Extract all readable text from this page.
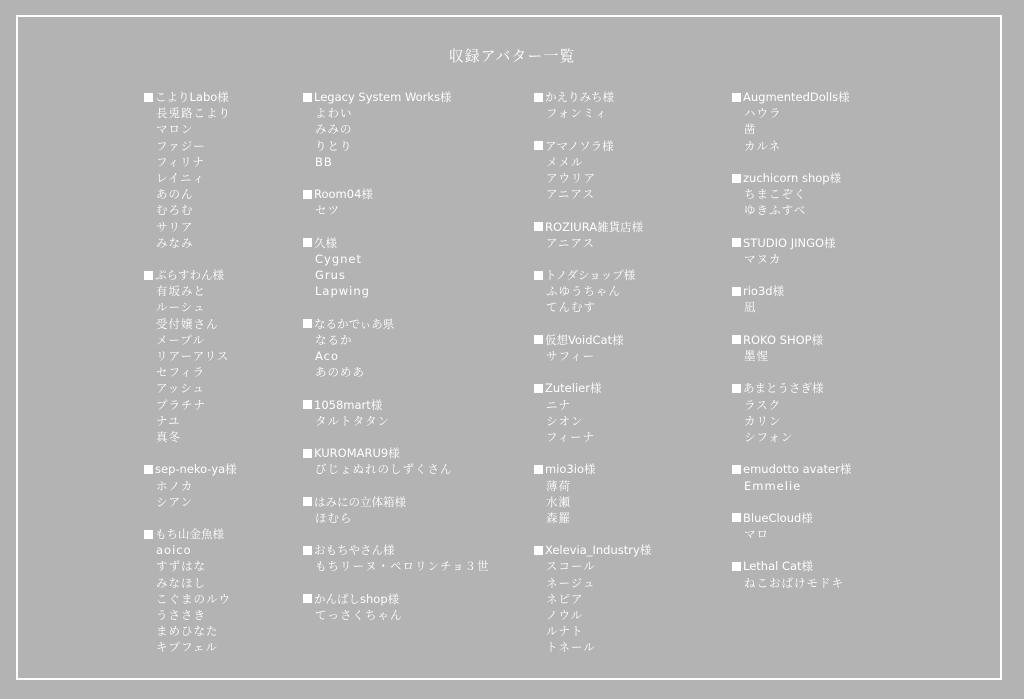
収録アバター一覧
こよりLabo様
長兎路こより
マロン
ファジー
フィリナ
レイニィ
あのん
むろむ
サリア
みなみ
ぷらすわん様
有坂みと
ルーシュ
受付嬢さん
メープル
リアーアリス
セフィラ
アッシュ
プラチナ
ナユ
真冬
sep-neko-ya様
ホノカ
シアン
もち山金魚様
aoico
すずはな
みなほし
こぐまのルウ
うささき
まめひなた
キプフェル
Legacy System Works様
よわい
みみの
りとり
BB
Room04様
セツ
久様
Cygnet
Grus
Lapwing
なるかでぃあ県
なるか
Aco
あのめあ
1058mart様
タルトタタン
KUROMARU9様
びじょぬれのしずくさん
はみにの立体箱様
ほむら
おもちやさん様
もちリーヌ・ペロリンチョ３世
かんぱしshop様
てっさくちゃん
かえりみち様
フォンミィ
アマノソラ様
メメル
アウリア
アニアス
ROZIURA雑貨店様
アニアス
トノダショップ様
ふゆうちゃん
てんむす
仮想VoidCat様
サフィー
Zutelier様
ニナ
シオン
フィーナ
mio3io様
薄荷
水瀬
森羅
Xelevia_Industry様
スコール
ネージュ
ネピア
ノウル
ルナト
トネール
AugmentedDolls様
ハウラ
凿
カルネ
zuchicorn shop様
ちまこぞく
ゆきふすべ
STUDIO JINGO様
マヌカ
rio3d様
凪
ROKO SHOP様
墨惺
あまとうさぎ様
ラスク
カリン
シフォン
emudotto avater様
Emmelie
BlueCloud様
マロ
Lethal Cat様
ねこおばけモドキ
